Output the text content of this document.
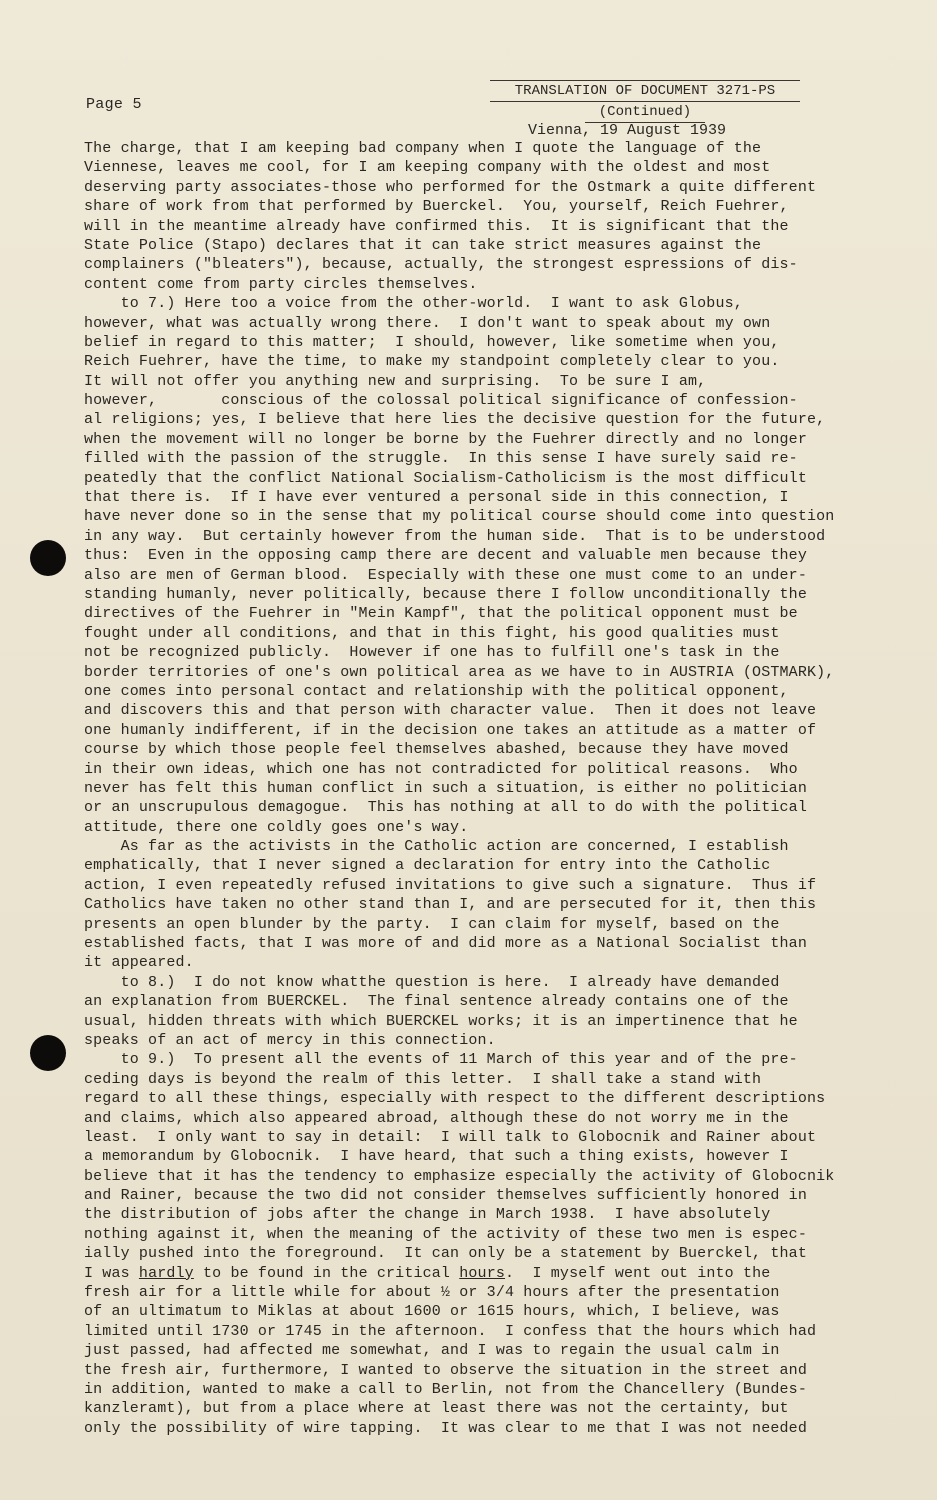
Page 5
TRANSLATION OF DOCUMENT 3271-PS
(Continued)
Vienna, 19 August 1939
The charge, that I am keeping bad company when I quote the language of the
Viennese, leaves me cool, for I am keeping company with the oldest and most
deserving party associates-those who performed for the Ostmark a quite different
share of work from that performed by Buerckel.  You, yourself, Reich Fuehrer,
will in the meantime already have confirmed this.  It is significant that the
State Police (Stapo) declares that it can take strict measures against the
complainers ("bleaters"), because, actually, the strongest espressions of dis-
content come from party circles themselves.
to 7.) Here too a voice from the other-world.  I want to ask Globus,
however, what was actually wrong there.  I don't want to speak about my own
belief in regard to this matter;  I should, however, like sometime when you,
Reich Fuehrer, have the time, to make my standpoint completely clear to you.
It will not offer you anything new and surprising.  To be sure I am,
however,       conscious of the colossal political significance of confession-
al religions; yes, I believe that here lies the decisive question for the future,
when the movement will no longer be borne by the Fuehrer directly and no longer
filled with the passion of the struggle.  In this sense I have surely said re-
peatedly that the conflict National Socialism-Catholicism is the most difficult
that there is.  If I have ever ventured a personal side in this connection, I
have never done so in the sense that my political course should come into question
in any way.  But certainly however from the human side.  That is to be understood
thus:  Even in the opposing camp there are decent and valuable men because they
also are men of German blood.  Especially with these one must come to an under-
standing humanly, never politically, because there I follow unconditionally the
directives of the Fuehrer in "Mein Kampf", that the political opponent must be
fought under all conditions, and that in this fight, his good qualities must
not be recognized publicly.  However if one has to fulfill one's task in the
border territories of one's own political area as we have to in AUSTRIA (OSTMARK),
one comes into personal contact and relationship with the political opponent,
and discovers this and that person with character value.  Then it does not leave
one humanly indifferent, if in the decision one takes an attitude as a matter of
course by which those people feel themselves abashed, because they have moved
in their own ideas, which one has not contradicted for political reasons.  Who
never has felt this human conflict in such a situation, is either no politician
or an unscrupulous demagogue.  This has nothing at all to do with the political
attitude, there one coldly goes one's way.
As far as the activists in the Catholic action are concerned, I establish
emphatically, that I never signed a declaration for entry into the Catholic
action, I even repeatedly refused invitations to give such a signature.  Thus if
Catholics have taken no other stand than I, and are persecuted for it, then this
presents an open blunder by the party.  I can claim for myself, based on the
established facts, that I was more of and did more as a National Socialist than
it appeared.
to 8.)  I do not know whatthe question is here.  I already have demanded
an explanation from BUERCKEL.  The final sentence already contains one of the
usual, hidden threats with which BUERCKEL works; it is an impertinence that he
speaks of an act of mercy in this connection.
to 9.)  To present all the events of 11 March of this year and of the pre-
ceding days is beyond the realm of this letter.  I shall take a stand with
regard to all these things, especially with respect to the different descriptions
and claims, which also appeared abroad, although these do not worry me in the
least.  I only want to say in detail:  I will talk to Globocnik and Rainer about
a memorandum by Globocnik.  I have heard, that such a thing exists, however I
believe that it has the tendency to emphasize especially the activity of Globocnik
and Rainer, because the two did not consider themselves sufficiently honored in
the distribution of jobs after the change in March 1938.  I have absolutely
nothing against it, when the meaning of the activity of these two men is espec-
ially pushed into the foreground.  It can only be a statement by Buerckel, that
I was hardly to be found in the critical hours.  I myself went out into the
fresh air for a little while for about ½ or 3/4 hours after the presentation
of an ultimatum to Miklas at about 1600 or 1615 hours, which, I believe, was
limited until 1730 or 1745 in the afternoon.  I confess that the hours which had
just passed, had affected me somewhat, and I was to regain the usual calm in
the fresh air, furthermore, I wanted to observe the situation in the street and
in addition, wanted to make a call to Berlin, not from the Chancellery (Bundes-
kanzleramt), but from a place where at least there was not the certainty, but
only the possibility of wire tapping.  It was clear to me that I was not needed
